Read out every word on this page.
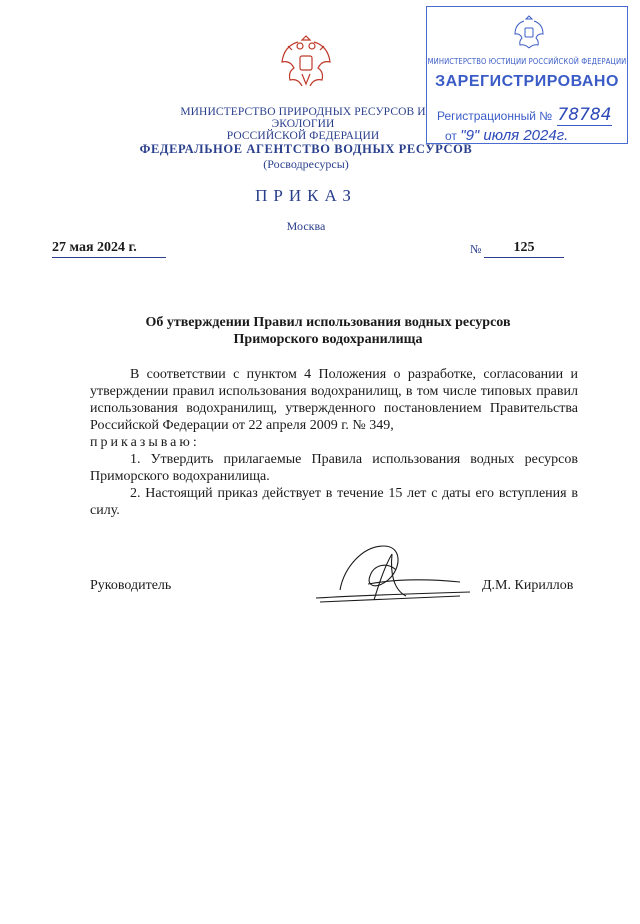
МИНИСТЕРСТВО ПРИРОДНЫХ РЕСУРСОВ И ЭКОЛОГИИ
РОССИЙСКОЙ ФЕДЕРАЦИИ
ФЕДЕРАЛЬНОЕ АГЕНТСТВО ВОДНЫХ РЕСУРСОВ
(Росводресурсы)
ПРИКАЗ
Москва
27 мая 2024 г.	№	125
МИНИСТЕРСТВО ЮСТИЦИИ РОССИЙСКОЙ ФЕДЕРАЦИИ
ЗАРЕГИСТРИРОВАНО
Регистрационный № 78784
от "9" июля 2024г.
Об утверждении Правил использования водных ресурсов
Приморского водохранилища

В соответствии с пунктом 4 Положения о разработке, согласовании и утверждении правил использования водохранилищ, в том числе типовых правил использования водохранилищ, утвержденного постановлением Правительства Российской Федерации от 22 апреля 2009 г. № 349,

приказываю:

1. Утвердить прилагаемые Правила использования водных ресурсов Приморского водохранилища.

2. Настоящий приказ действует в течение 15 лет с даты его вступления в силу.

Руководитель	Д.М. Кириллов
